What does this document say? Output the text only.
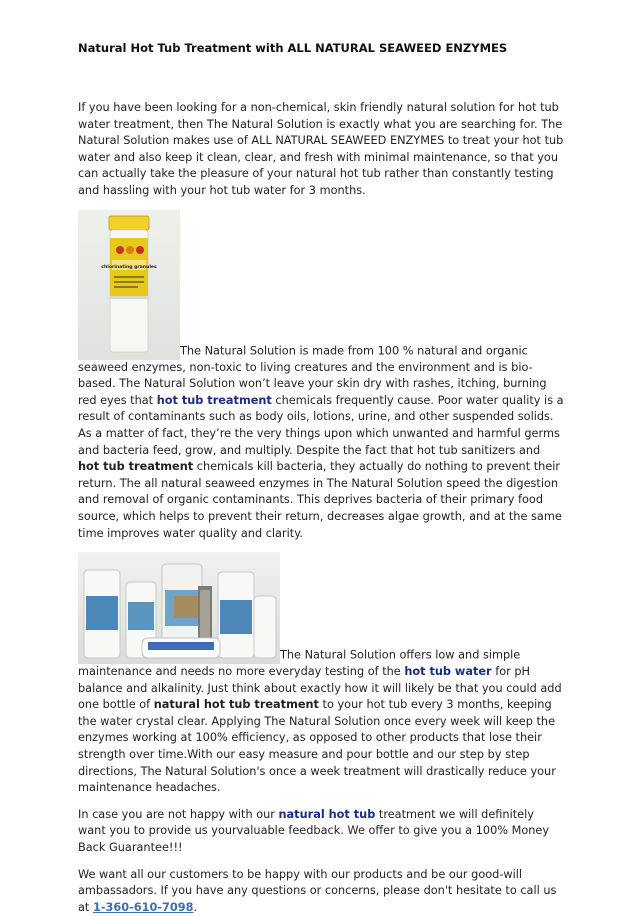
Natural Hot Tub Treatment with ALL NATURAL SEAWEED ENZYMES

If you have been looking for a non-chemical, skin friendly natural solution for hot tub water treatment, then The Natural Solution is exactly what you are searching for. The Natural Solution makes use of ALL NATURAL SEAWEED ENZYMES to treat your hot tub water and also keep it clean, clear, and fresh with minimal maintenance, so that you can actually take the pleasure of your natural hot tub rather than constantly testing and hassling with your hot tub water for 3 months.

chlorinating granules
The Natural Solution is made from 100 % natural and organic seaweed enzymes, non-toxic to living creatures and the environment and is bio-based. The Natural Solution won’t leave your skin dry with rashes, itching, burning red eyes that hot tub treatment chemicals frequently cause. Poor water quality is a result of contaminants such as body oils, lotions, urine, and other suspended solids. As a matter of fact, they’re the very things upon which unwanted and harmful germs and bacteria feed, grow, and multiply. Despite the fact that hot tub sanitizers and hot tub treatment chemicals kill bacteria, they actually do nothing to prevent their return. The all natural seaweed enzymes in The Natural Solution speed the digestion and removal of organic contaminants. This deprives bacteria of their primary food source, which helps to prevent their return, decreases algae growth, and at the same time improves water quality and clarity.

The Natural Solution offers low and simple maintenance and needs no more everyday testing of the hot tub water for pH balance and alkalinity. Just think about exactly how it will likely be that you could add one bottle of natural hot tub treatment to your hot tub every 3 months, keeping the water crystal clear. Applying The Natural Solution once every week will keep the enzymes working at 100% efficiency, as opposed to other products that lose their strength over time.With our easy measure and pour bottle and our step by step directions, The Natural Solution's once a week treatment will drastically reduce your maintenance headaches.

In case you are not happy with our natural hot tub treatment we will definitely want you to provide us yourvaluable feedback. We offer to give you a 100% Money Back Guarantee!!!

We want all our customers to be happy with our products and be our good-will ambassadors. If you have any questions or concerns, please don't hesitate to call us at 1-360-610-7098.
